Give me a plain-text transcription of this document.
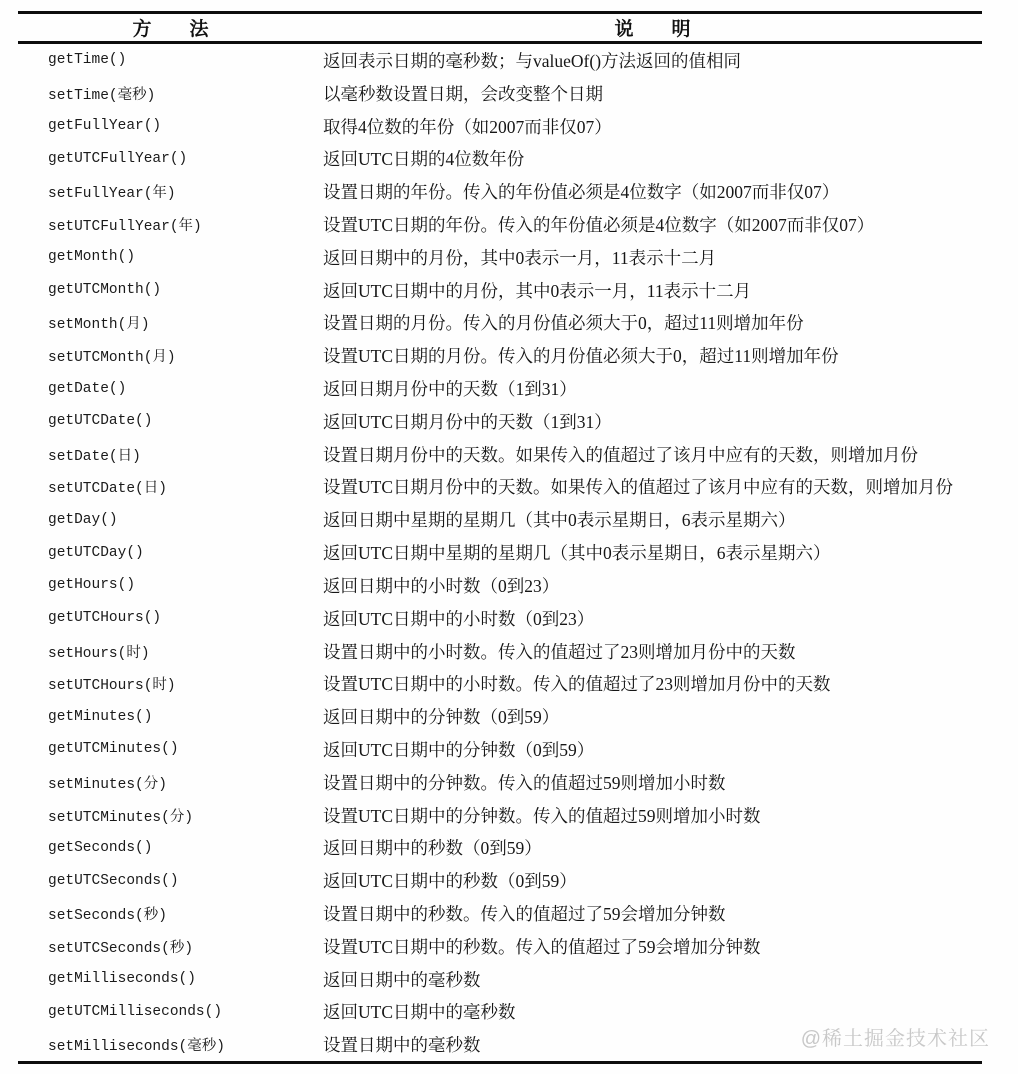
方　　法	说　　明
getTime()	返回表示日期的毫秒数；与valueOf()方法返回的值相同
setTime(毫秒)	以毫秒数设置日期，会改变整个日期
getFullYear()	取得4位数的年份（如2007而非仅07）
getUTCFullYear()	返回UTC日期的4位数年份
setFullYear(年)	设置日期的年份。传入的年份值必须是4位数字（如2007而非仅07）
setUTCFullYear(年)	设置UTC日期的年份。传入的年份值必须是4位数字（如2007而非仅07）
getMonth()	返回日期中的月份，其中0表示一月，11表示十二月
getUTCMonth()	返回UTC日期中的月份，其中0表示一月，11表示十二月
setMonth(月)	设置日期的月份。传入的月份值必须大于0，超过11则增加年份
setUTCMonth(月)	设置UTC日期的月份。传入的月份值必须大于0，超过11则增加年份
getDate()	返回日期月份中的天数（1到31）
getUTCDate()	返回UTC日期月份中的天数（1到31）
setDate(日)	设置日期月份中的天数。如果传入的值超过了该月中应有的天数，则增加月份
setUTCDate(日)	设置UTC日期月份中的天数。如果传入的值超过了该月中应有的天数，则增加月份
getDay()	返回日期中星期的星期几（其中0表示星期日，6表示星期六）
getUTCDay()	返回UTC日期中星期的星期几（其中0表示星期日，6表示星期六）
getHours()	返回日期中的小时数（0到23）
getUTCHours()	返回UTC日期中的小时数（0到23）
setHours(时)	设置日期中的小时数。传入的值超过了23则增加月份中的天数
setUTCHours(时)	设置UTC日期中的小时数。传入的值超过了23则增加月份中的天数
getMinutes()	返回日期中的分钟数（0到59）
getUTCMinutes()	返回UTC日期中的分钟数（0到59）
setMinutes(分)	设置日期中的分钟数。传入的值超过59则增加小时数
setUTCMinutes(分)	设置UTC日期中的分钟数。传入的值超过59则增加小时数
getSeconds()	返回日期中的秒数（0到59）
getUTCSeconds()	返回UTC日期中的秒数（0到59）
setSeconds(秒)	设置日期中的秒数。传入的值超过了59会增加分钟数
setUTCSeconds(秒)	设置UTC日期中的秒数。传入的值超过了59会增加分钟数
getMilliseconds()	返回日期中的毫秒数
getUTCMilliseconds()	返回UTC日期中的毫秒数
setMilliseconds(毫秒)	设置日期中的毫秒数	@稀土掘金技术社区
